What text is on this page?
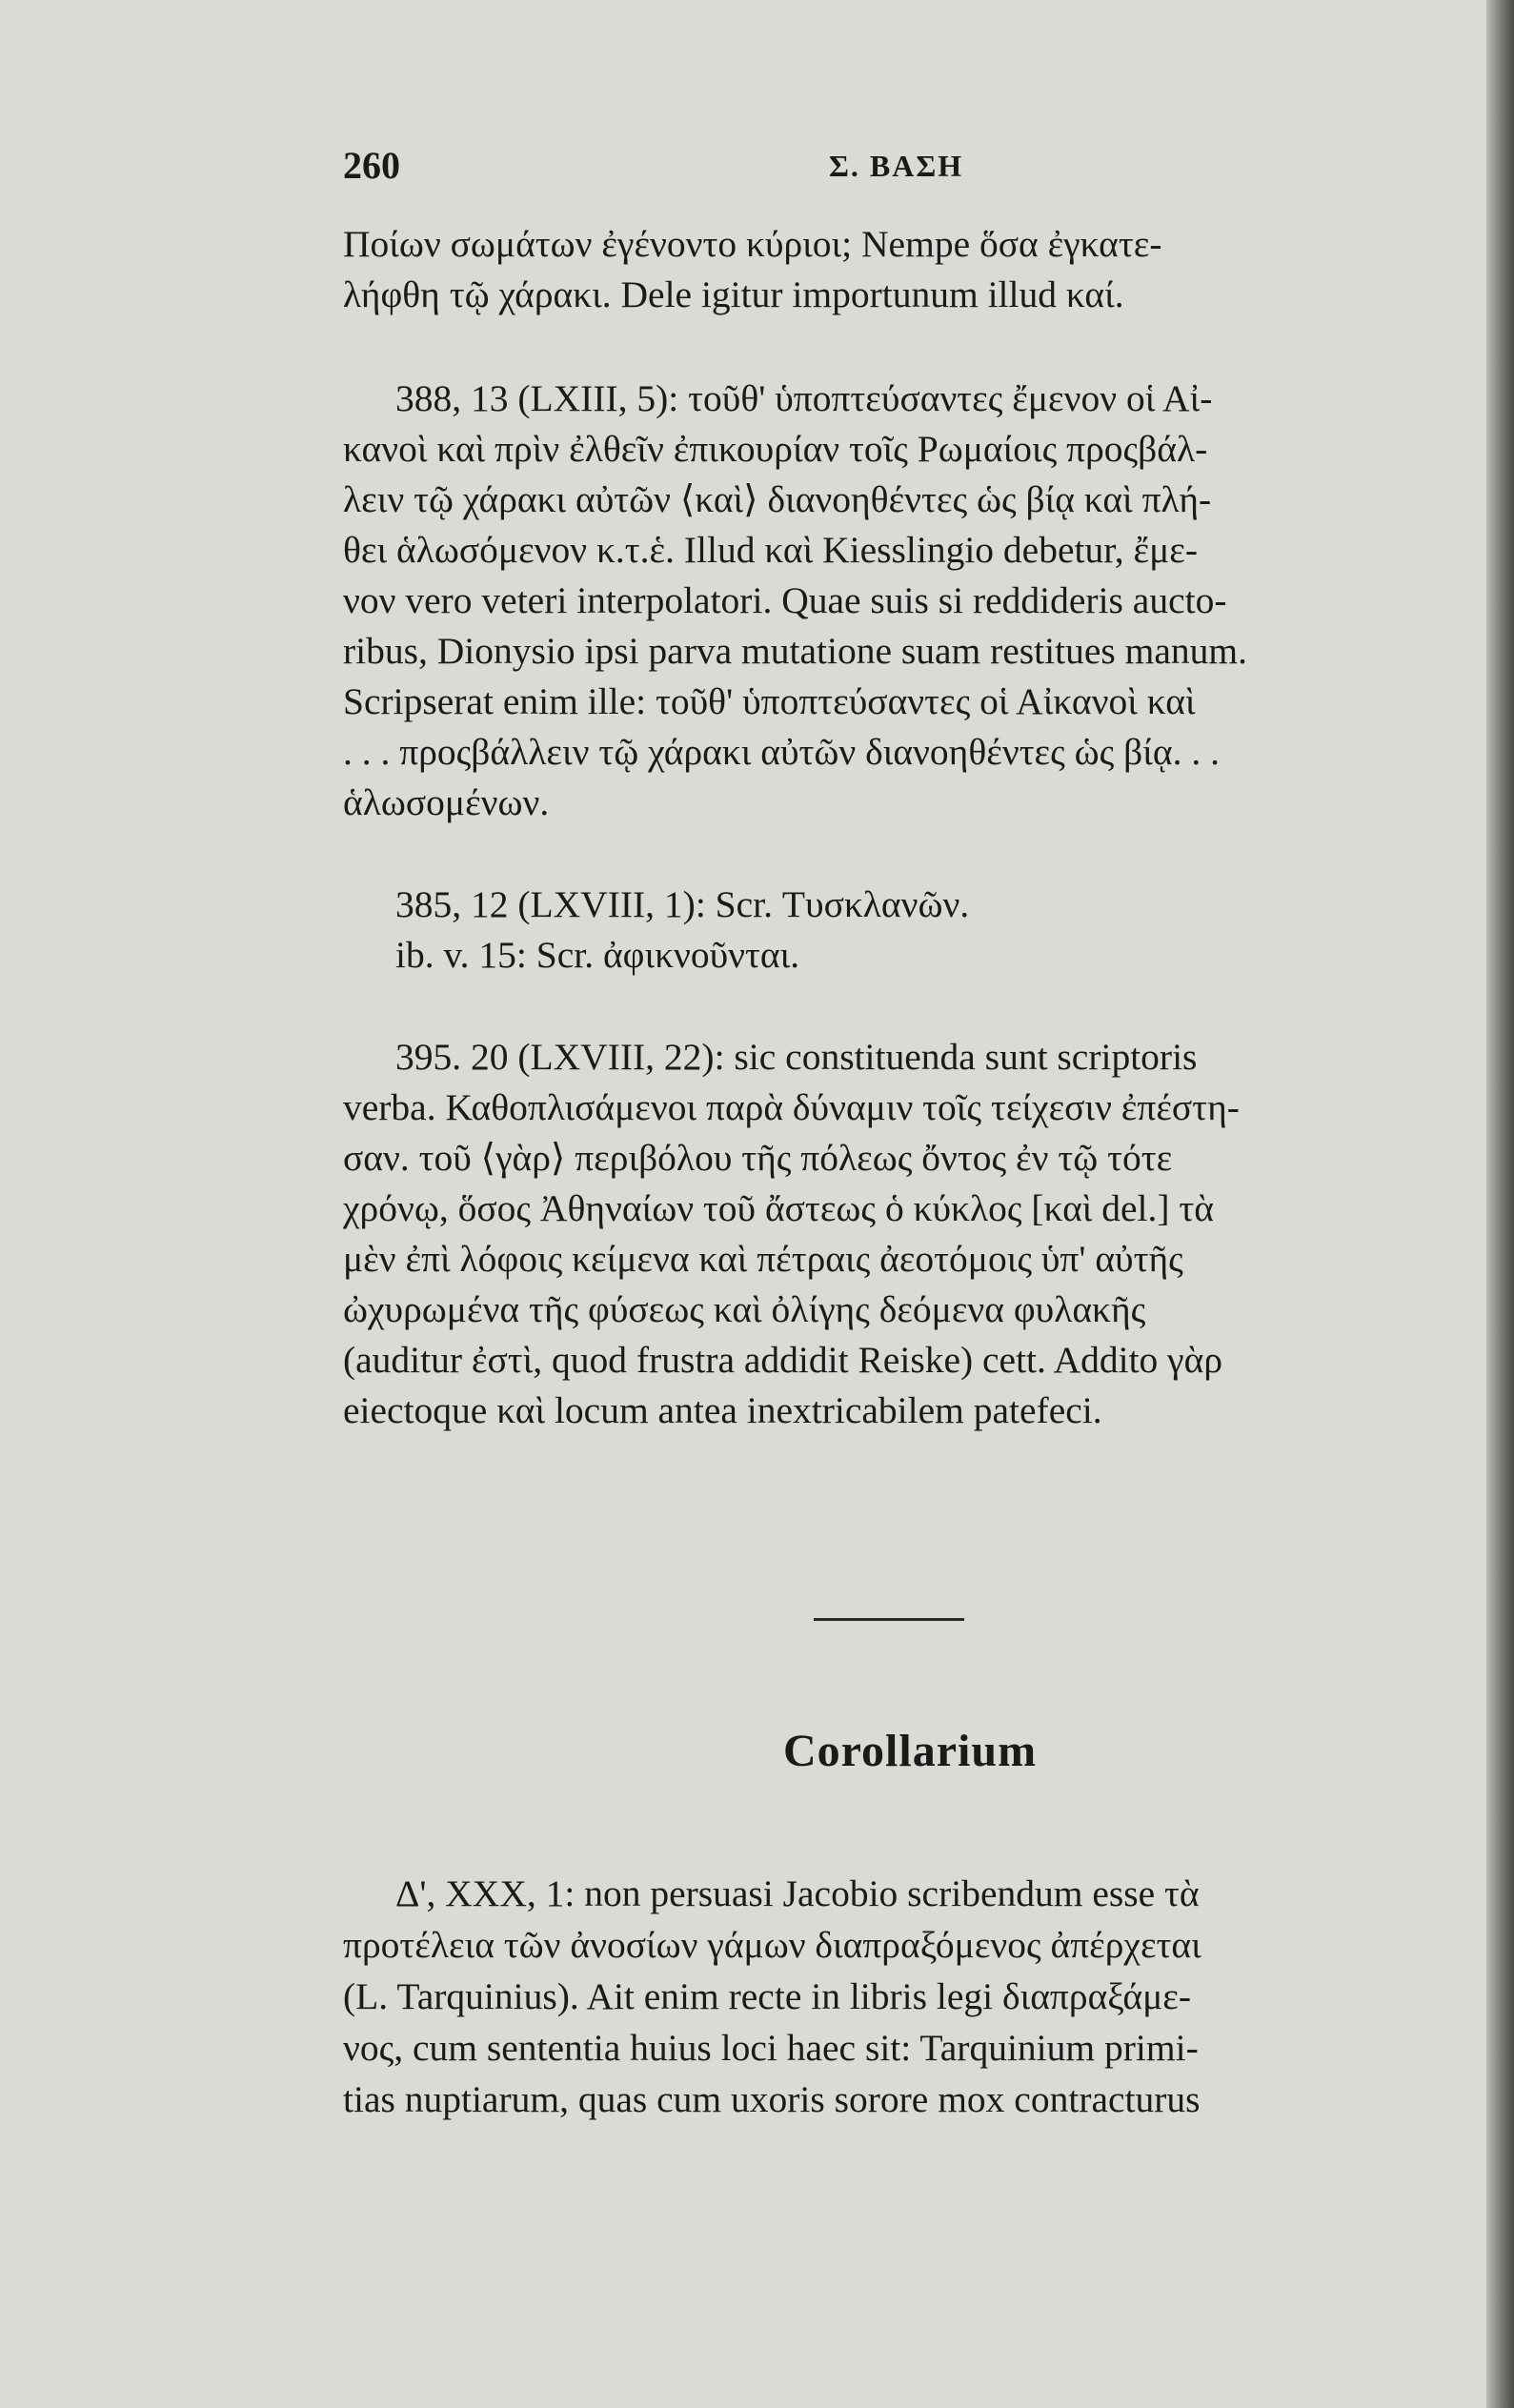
260	Σ. ΒΑΣΗ

Ποίων σωμάτων ἐγένοντο κύριοι; Nempe ὅσα ἐγκατε-
λήφθη τῷ χάρακι. Dele igitur importunum illud καί.

388, 13 (LXIII, 5): τοῦθ' ὑποπτεύσαντες ἔμενον οἱ Αἰ-
κανοὶ καὶ πρὶν ἐλθεῖν ἐπικουρίαν τοῖς Ρωμαίοις προςβάλ-
λειν τῷ χάρακι αὐτῶν ⟨καὶ⟩ διανοηθέντες ὡς βίᾳ καὶ πλή-
θει ἁλωσόμενον κ.τ.ἑ. Illud καὶ Kiesslingio debetur, ἔμε-
νον vero veteri interpolatori. Quae suis si reddideris aucto-
ribus, Dionysio ipsi parva mutatione suam restitues manum.
Scripserat enim ille: τοῦθ' ὑποπτεύσαντες οἱ Αἰκανοὶ καὶ
. . . προςβάλλειν τῷ χάρακι αὐτῶν διανοηθέντες ὡς βίᾳ. . .
ἁλωσομένων.

385, 12 (LXVIII, 1): Scr. Τυσκλανῶν.
ib. v. 15: Scr. ἀφικνοῦνται.

395. 20 (LXVIII, 22): sic constituenda sunt scriptoris
verba. Καθοπλισάμενοι παρὰ δύναμιν τοῖς τείχεσιν ἐπέστη-
σαν. τοῦ ⟨γὰρ⟩ περιβόλου τῆς πόλεως ὄντος ἐν τῷ τότε
χρόνῳ, ὅσος Ἀθηναίων τοῦ ἄστεως ὁ κύκλος [καὶ del.] τὰ
μὲν ἐπὶ λόφοις κείμενα καὶ πέτραις ἀεοτόμοις ὑπ' αὐτῆς
ὠχυρωμένα τῆς φύσεως καὶ ὀλίγης δεόμενα φυλακῆς
(auditur ἐστὶ, quod frustra addidit Reiske) cett. Addito γὰρ
eiectoque καὶ locum antea inextricabilem patefeci.

Corollarium

Δ', XXX, 1: non persuasi Jacobio scribendum esse τὰ
προτέλεια τῶν ἀνοσίων γάμων διαπραξόμενος ἀπέρχεται
(L. Tarquinius). Ait enim recte in libris legi διαπραξάμε-
νος, cum sententia huius loci haec sit: Tarquinium primi-
tias nuptiarum, quas cum uxoris sorore mox contracturus
